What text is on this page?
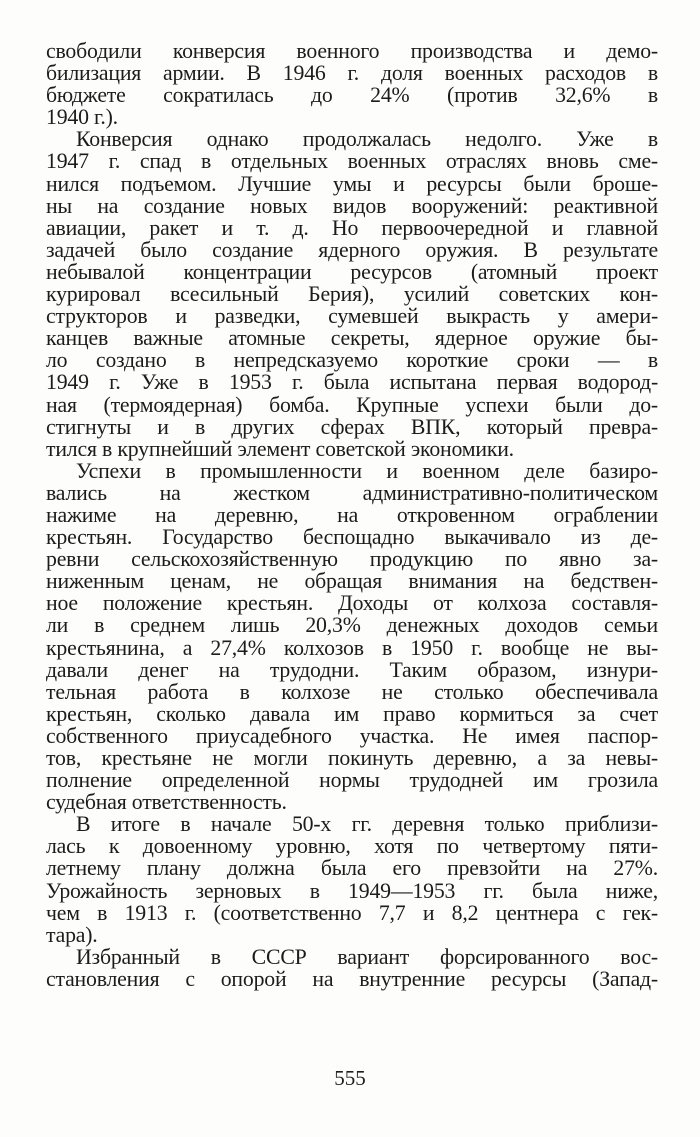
свободили конверсия военного производства и демо-
билизация армии. В 1946 г. доля военных расходов в
бюджете сократилась до 24% (против 32,6% в
1940 г.).
Конверсия однако продолжалась недолго. Уже в
1947 г. спад в отдельных военных отраслях вновь сме-
нился подъемом. Лучшие умы и ресурсы были броше-
ны на создание новых видов вооружений: реактивной
авиации, ракет и т. д. Но первоочередной и главной
задачей было создание ядерного оружия. В результате
небывалой концентрации ресурсов (атомный проект
курировал всесильный Берия), усилий советских кон-
структоров и разведки, сумевшей выкрасть у амери-
канцев важные атомные секреты, ядерное оружие бы-
ло создано в непредсказуемо короткие сроки — в
1949 г. Уже в 1953 г. была испытана первая водород-
ная (термоядерная) бомба. Крупные успехи были до-
стигнуты и в других сферах ВПК, который превра-
тился в крупнейший элемент советской экономики.
Успехи в промышленности и военном деле базиро-
вались на жестком административно-политическом
нажиме на деревню, на откровенном ограблении
крестьян. Государство беспощадно выкачивало из де-
ревни сельскохозяйственную продукцию по явно за-
ниженным ценам, не обращая внимания на бедствен-
ное положение крестьян. Доходы от колхоза составля-
ли в среднем лишь 20,3% денежных доходов семьи
крестьянина, а 27,4% колхозов в 1950 г. вообще не вы-
давали денег на трудодни. Таким образом, изнури-
тельная работа в колхозе не столько обеспечивала
крестьян, сколько давала им право кормиться за счет
собственного приусадебного участка. Не имея паспор-
тов, крестьяне не могли покинуть деревню, а за невы-
полнение определенной нормы трудодней им грозила
судебная ответственность.
В итоге в начале 50-х гг. деревня только приблизи-
лась к довоенному уровню, хотя по четвертому пяти-
летнему плану должна была его превзойти на 27%.
Урожайность зерновых в 1949—1953 гг. была ниже,
чем в 1913 г. (соответственно 7,7 и 8,2 центнера с гек-
тара).
Избранный в СССР вариант форсированного вос-
становления с опорой на внутренние ресурсы (Запад-
555
